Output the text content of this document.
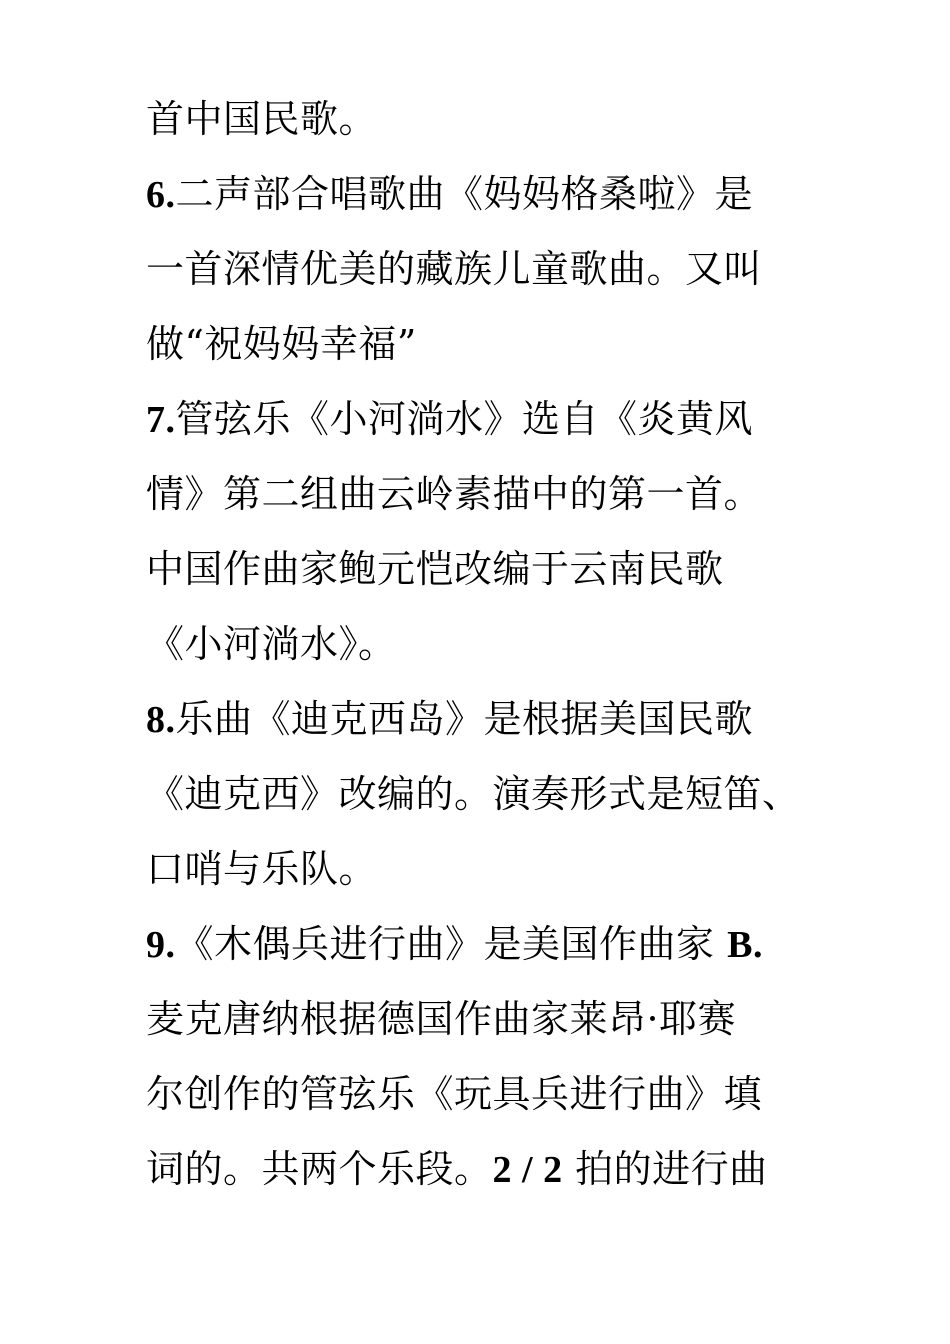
首中国民歌。
6.二声部合唱歌曲《妈妈格桑啦》是
一首深情优美的藏族儿童歌曲。又叫
做“祝妈妈幸福”
7.管弦乐《小河淌水》选自《炎黄风
情》第二组曲云岭素描中的第一首。
中国作曲家鲍元恺改编于云南民歌
《小河淌水》。
8.乐曲《迪克西岛》是根据美国民歌
《迪克西》改编的。演奏形式是短笛、
口哨与乐队。
9.《木偶兵进行曲》是美国作曲家 B.
麦克唐纳根据德国作曲家莱昂·耶赛
尔创作的管弦乐《玩具兵进行曲》填
词的。共两个乐段。2 / 2 拍的进行曲
